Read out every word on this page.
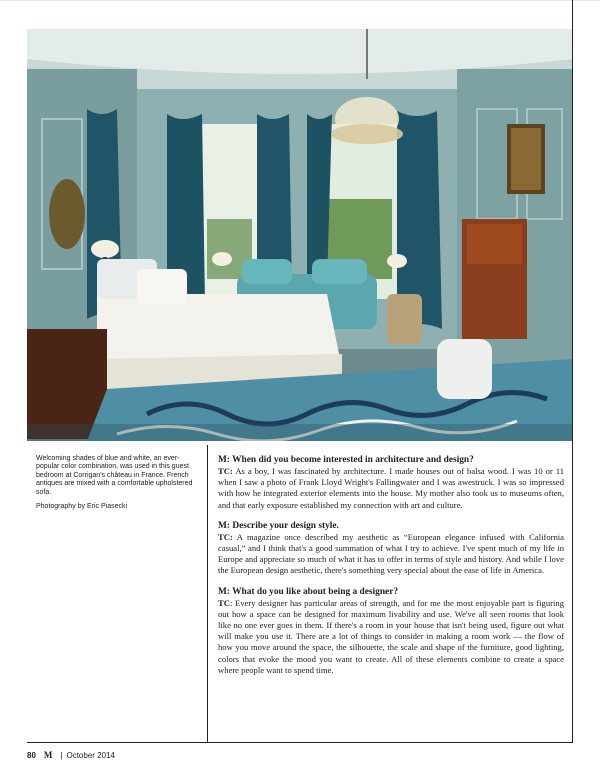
Welcoming shades of blue and white, an ever-popular color combination, was used in this guest bedroom at Corrigan's château in France. French antiques are mixed with a comfortable upholstered sofa.

Photography by Eric Piasecki

M: When did you become interested in architecture and design?

TC: As a boy, I was fascinated by architecture. I made houses out of balsa wood. I was 10 or 11 when I saw a photo of Frank Lloyd Wright's Fallingwater and I was awestruck. I was so impressed with how he integrated exterior elements into the house. My mother also took us to museums often, and that early exposure established my connection with art and culture.

M: Describe your design style.

TC: A magazine once described my aesthetic as “European elegance infused with California casual,” and I think that's a good summation of what I try to achieve. I've spent much of my life in Europe and appreciate so much of what it has to offer in terms of style and history. And while I love the European design aesthetic, there's something very special about the ease of life in America.

M: What do you like about being a designer?

TC: Every designer has particular areas of strength, and for me the most enjoyable part is figuring out how a space can be designed for maximum livability and use. We've all seen rooms that look like no one ever goes in them. If there's a room in your house that isn't being used, figure out what will make you use it. There are a lot of things to consider in making a room work — the flow of how you move around the space, the silhouette, the scale and shape of the furniture, good lighting, colors that evoke the mood you want to create. All of these elements combine to create a space where people want to spend time.

80 M | October 2014
